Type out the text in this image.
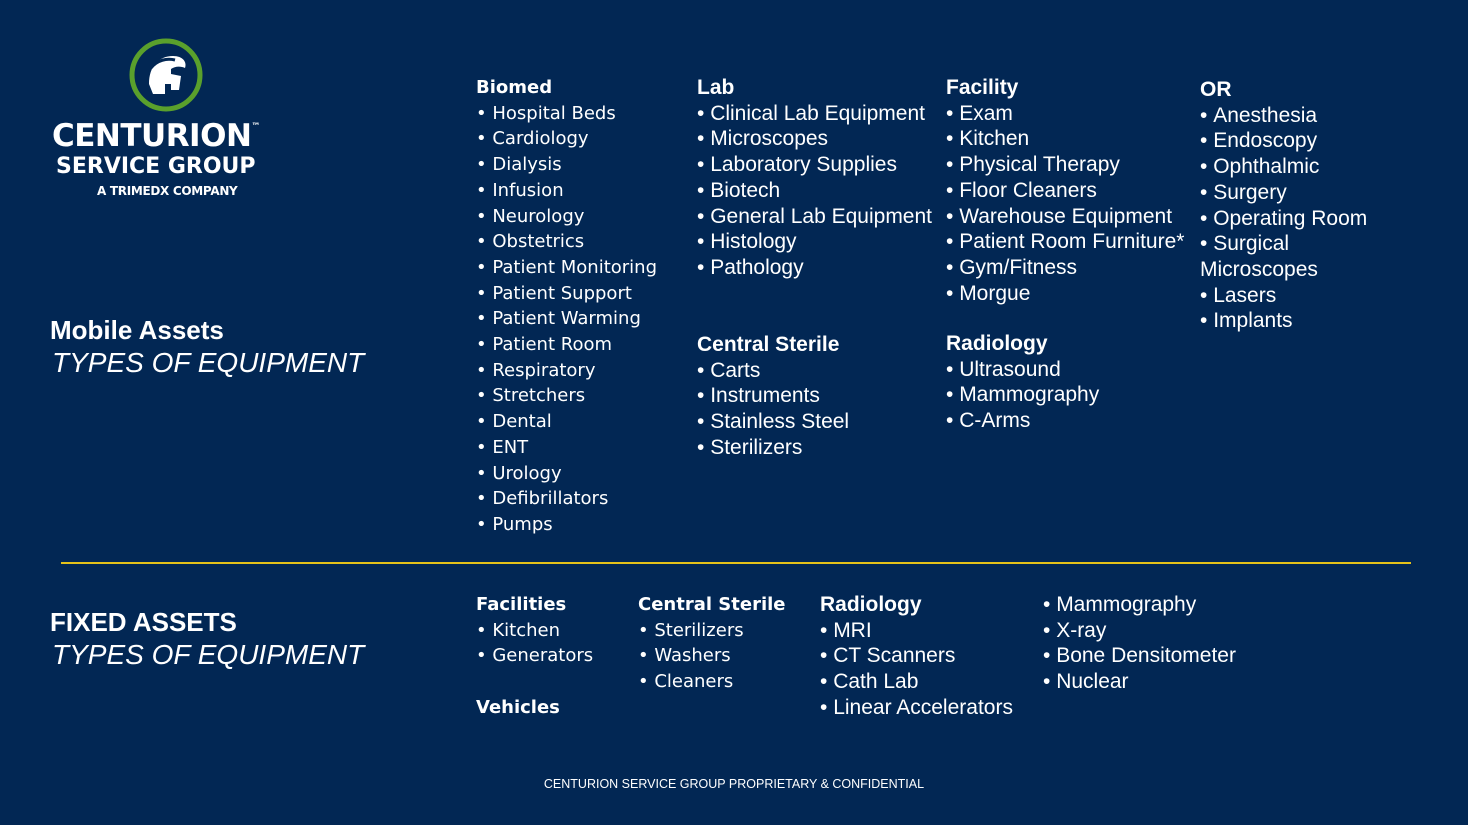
CENTURION™
SERVICE GROUP
A TRIMEDX COMPANY
Mobile Assets
TYPES OF EQUIPMENT
Biomed
• Hospital Beds
• Cardiology
• Dialysis
• Infusion
• Neurology
• Obstetrics
• Patient Monitoring
• Patient Support
• Patient Warming
• Patient Room
• Respiratory
• Stretchers
• Dental
• ENT
• Urology
• Defibrillators
• Pumps
Lab
• Clinical Lab Equipment
• Microscopes
• Laboratory Supplies
• Biotech
• General Lab Equipment
• Histology
• Pathology
Central Sterile
• Carts
• Instruments
• Stainless Steel
• Sterilizers
Facility
• Exam
• Kitchen
• Physical Therapy
• Floor Cleaners
• Warehouse Equipment
• Patient Room Furniture*
• Gym/Fitness
• Morgue
Radiology
• Ultrasound
• Mammography
• C-Arms
OR
• Anesthesia
• Endoscopy
• Ophthalmic
• Surgery
• Operating Room
• Surgical
Microscopes
• Lasers
• Implants
FIXED ASSETS
TYPES OF EQUIPMENT
Facilities
• Kitchen
• Generators
Vehicles
Central Sterile
• Sterilizers
• Washers
• Cleaners
Radiology
• MRI
• CT Scanners
• Cath Lab
• Linear Accelerators
• Mammography
• X-ray
• Bone Densitometer
• Nuclear
CENTURION SERVICE GROUP PROPRIETARY & CONFIDENTIAL
